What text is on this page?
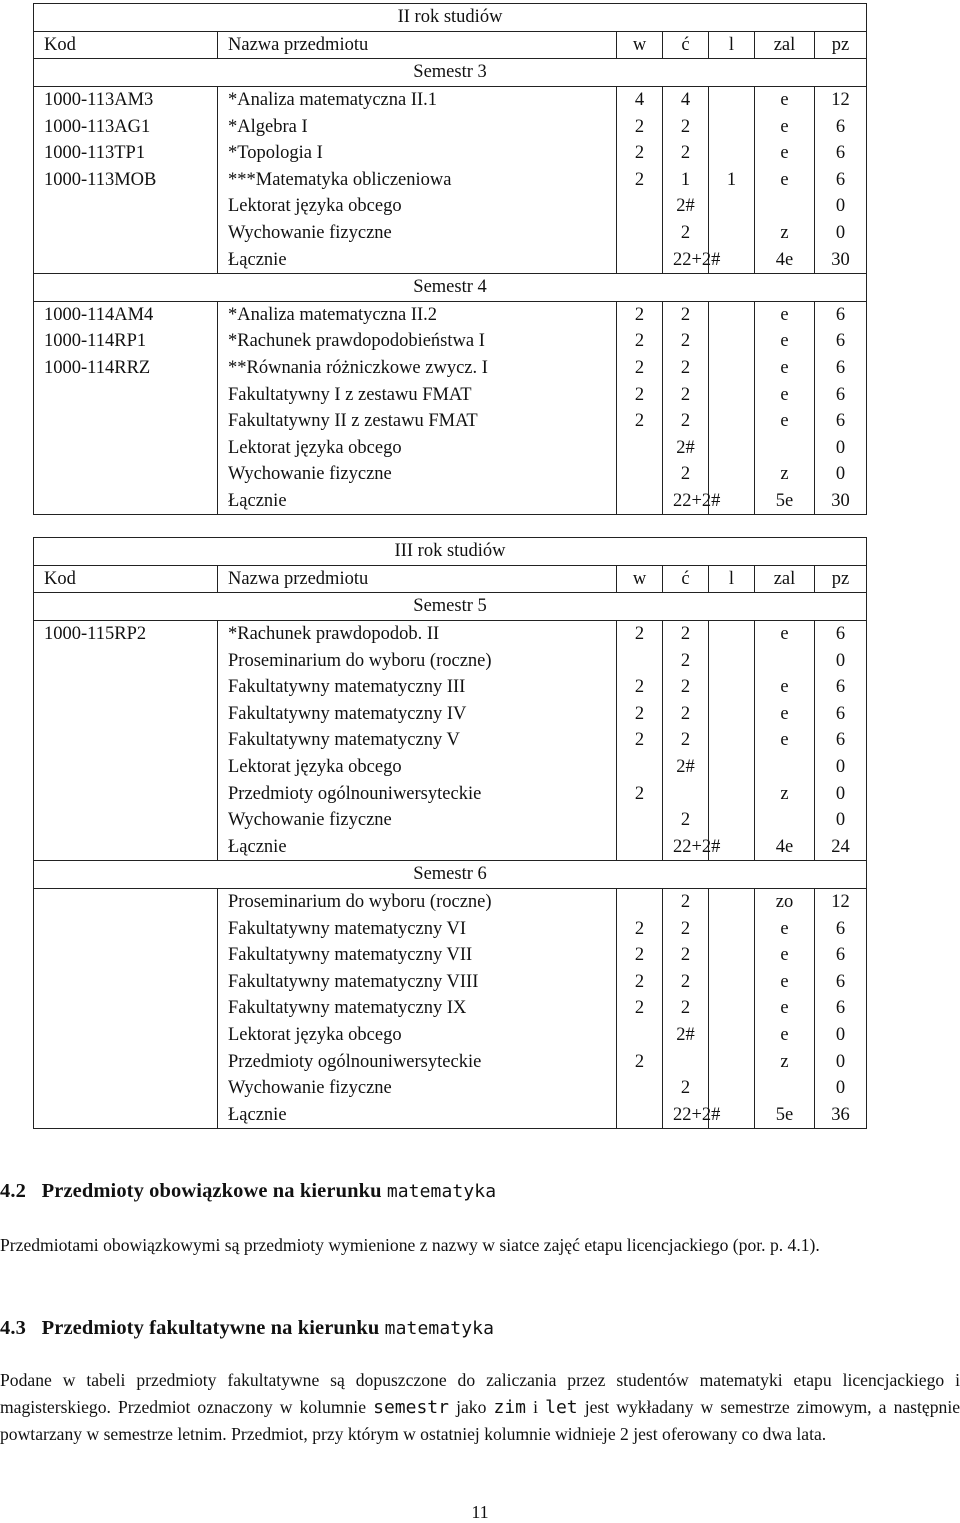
II rok studiów						
Kod	Nazwa przedmiotu	w	ć	l	zal	pz
Semestr 3						
1000-113AM3	*Analiza matematyczna II.1	4	4		e	12
1000-113AG1	*Algebra I	2	2		e	6
1000-113TP1	*Topologia I	2	2		e	6
1000-113MOB	***Matematyka obliczeniowa	2	1	1	e	6
	Lektorat języka obcego		2#			0
	Wychowanie fizyczne		2		z	0
	Łącznie		22+2#		4e	30
Semestr 4						
1000-114AM4	*Analiza matematyczna II.2	2	2		e	6
1000-114RP1	*Rachunek prawdopodobieństwa I	2	2		e	6
1000-114RRZ	**Równania różniczkowe zwycz. I	2	2		e	6
	Fakultatywny I z zestawu FMAT	2	2		e	6
	Fakultatywny II z zestawu FMAT	2	2		e	6
	Lektorat języka obcego		2#			0
	Wychowanie fizyczne		2		z	0
	Łącznie		22+2#		5e	30
III rok studiów						
Kod	Nazwa przedmiotu	w	ć	l	zal	pz
Semestr 5						
1000-115RP2	*Rachunek prawdopodob. II	2	2		e	6
	Proseminarium do wyboru (roczne)		2			0
	Fakultatywny matematyczny III	2	2		e	6
	Fakultatywny matematyczny IV	2	2		e	6
	Fakultatywny matematyczny V	2	2		e	6
	Lektorat języka obcego		2#			0
	Przedmioty ogólnouniwersyteckie	2			z	0
	Wychowanie fizyczne		2			0
	Łącznie		22+2#		4e	24
Semestr 6						
	Proseminarium do wyboru (roczne)		2		zo	12
	Fakultatywny matematyczny VI	2	2		e	6
	Fakultatywny matematyczny VII	2	2		e	6
	Fakultatywny matematyczny VIII	2	2		e	6
	Fakultatywny matematyczny IX	2	2		e	6
	Lektorat języka obcego		2#		e	0
	Przedmioty ogólnouniwersyteckie	2			z	0
	Wychowanie fizyczne		2			0
	Łącznie		22+2#		5e	36
4.2 Przedmioty obowiązkowe na kierunku matematyka

Przedmiotami obowiązkowymi są przedmioty wymienione z nazwy w siatce zajęć etapu licencjackiego (por. p. 4.1).

4.3 Przedmioty fakultatywne na kierunku matematyka

Podane w tabeli przedmioty fakultatywne są dopuszczone do zaliczania przez studentów matematyki etapu licencjackiego i magisterskiego. Przedmiot oznaczony w kolumnie semestr jako zim i let jest wykładany w semestrze zimowym, a następnie powtarzany w semestrze letnim. Przedmiot, przy którym w ostatniej kolumnie widnieje 2 jest oferowany co dwa lata.

11
